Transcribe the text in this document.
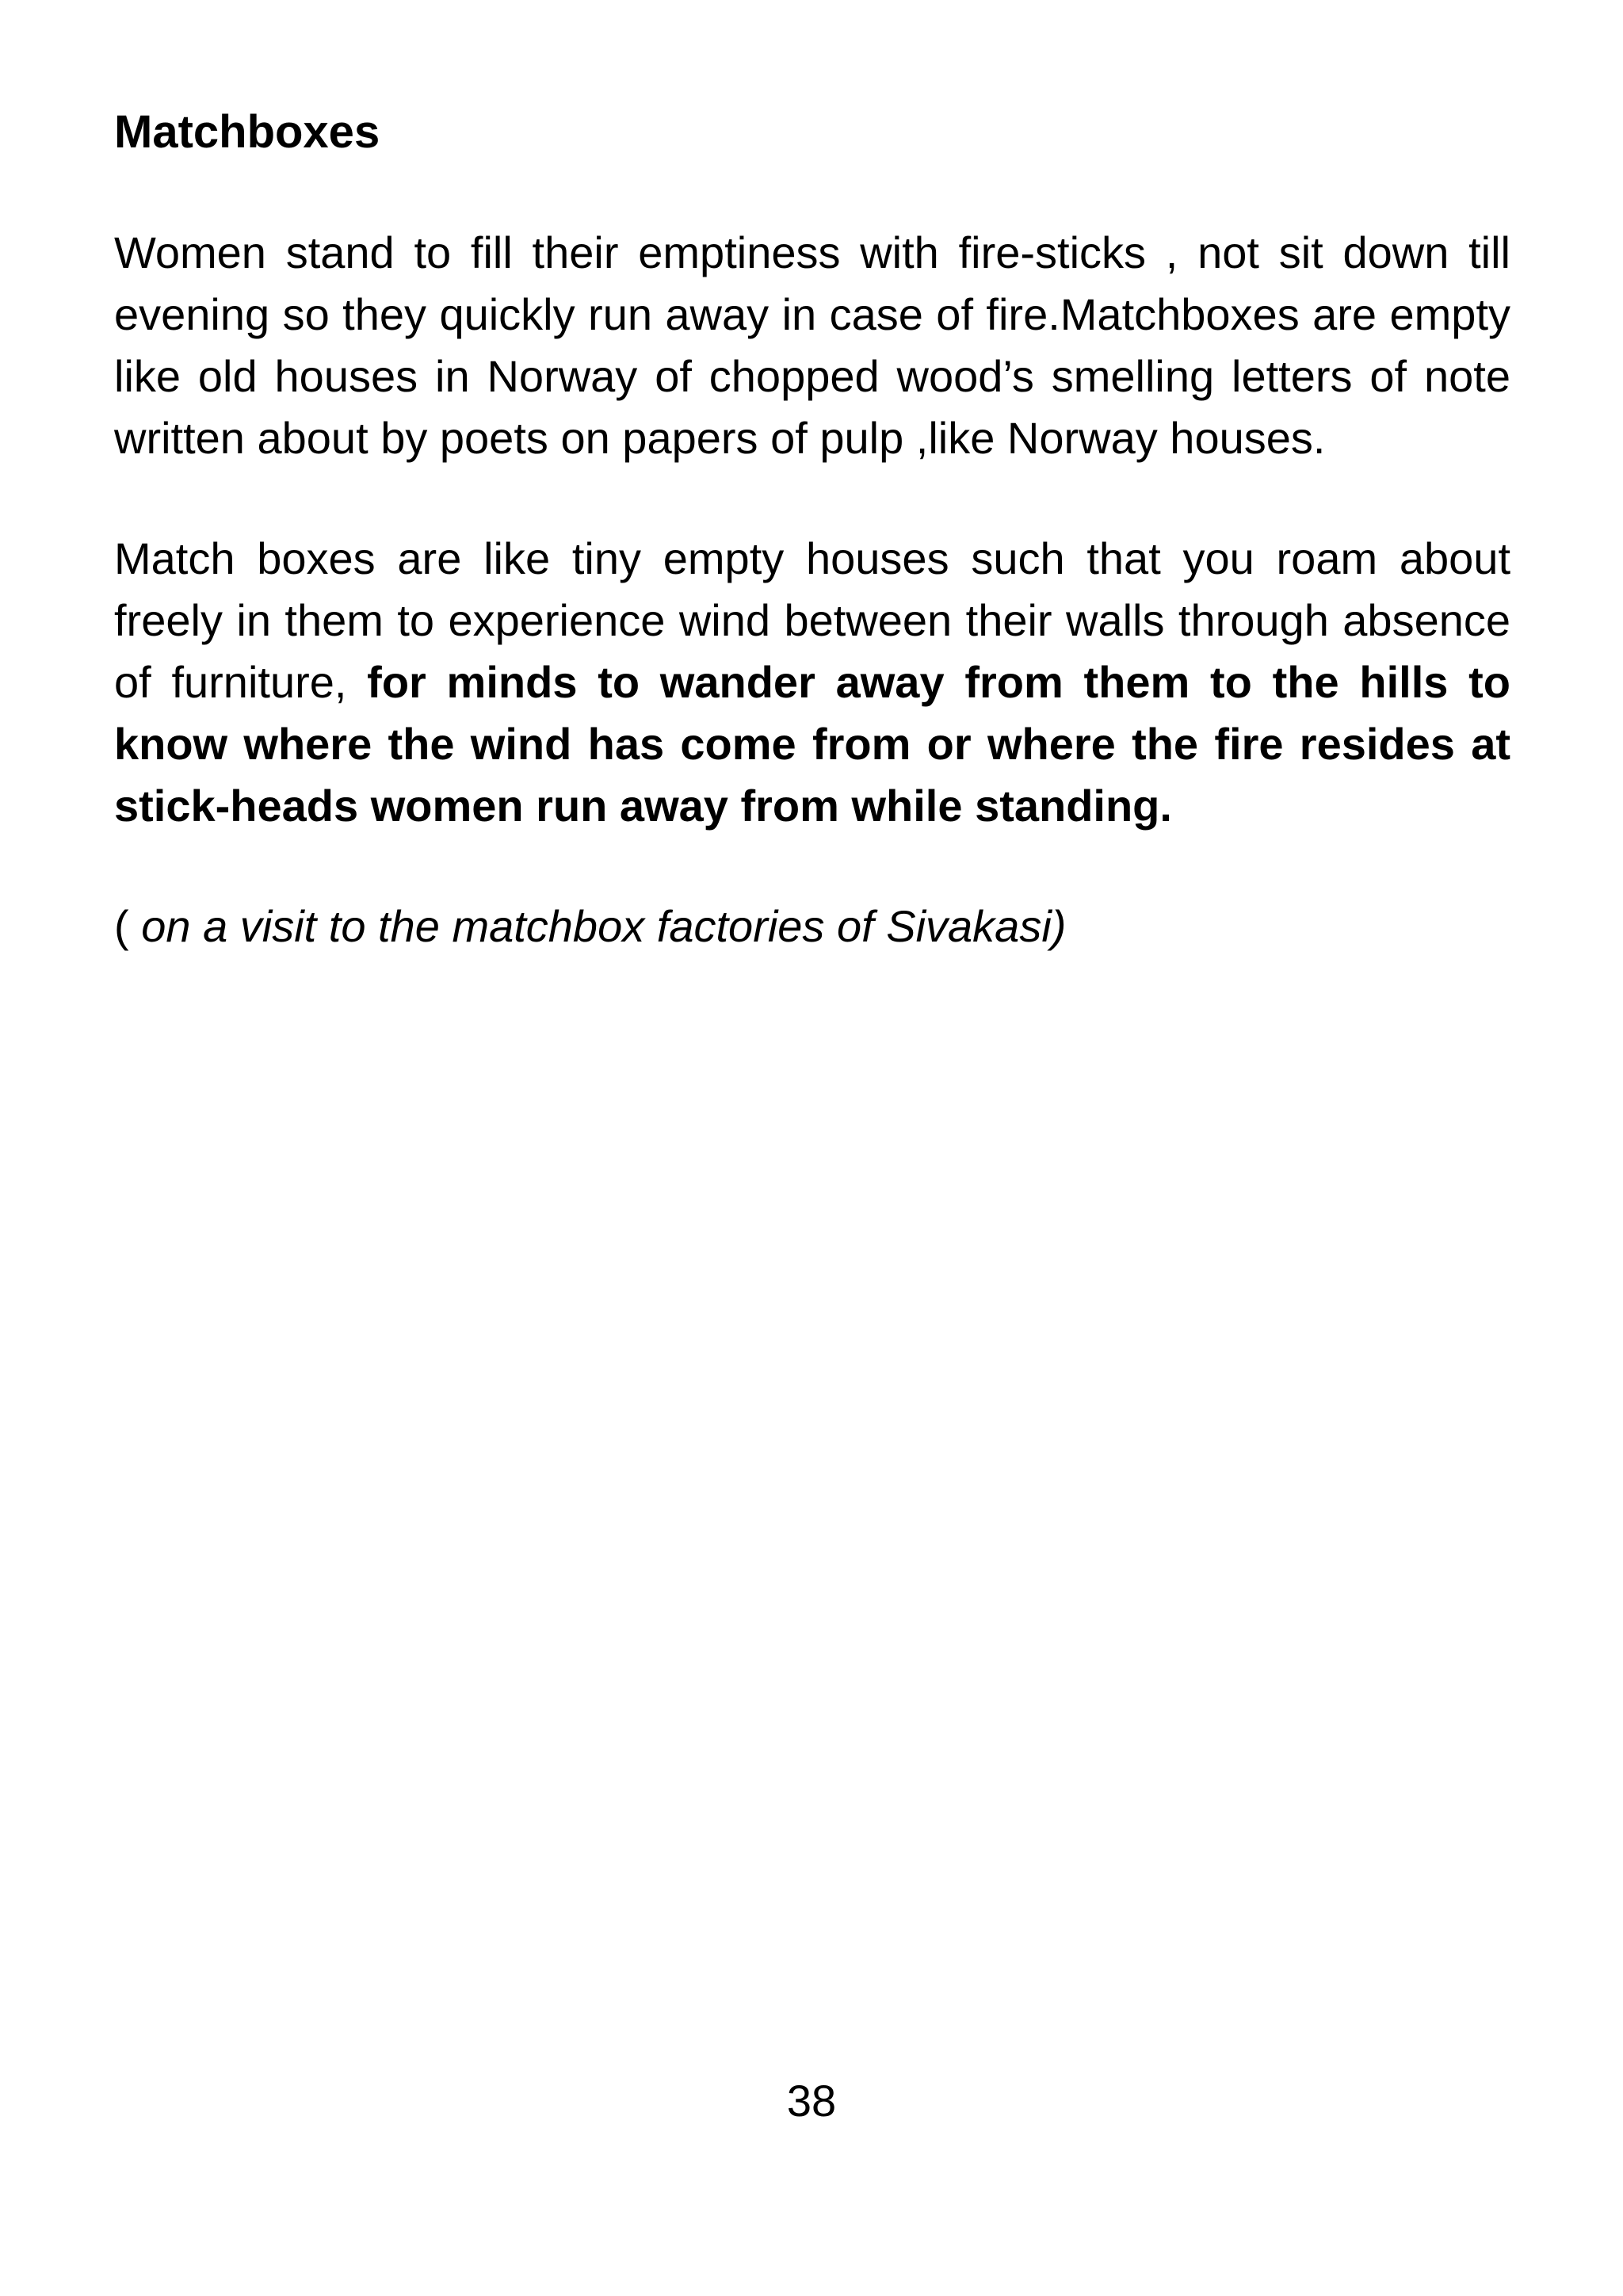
Matchboxes

Women stand to fill their emptiness with fire-sticks , not sit down till evening so they quickly run away in case of fire.Matchboxes are empty like old houses in Norway of chopped wood’s smelling letters of note written about by poets on papers of pulp ,like Norway houses.

Match boxes are like tiny empty houses such that you roam about freely in them to experience wind between their walls through absence of furniture, for minds to wander away from them to the hills to know where the wind has come from or where the fire resides at stick-heads women run away from while standing.

( on a visit to the matchbox factories of Sivakasi)

38
